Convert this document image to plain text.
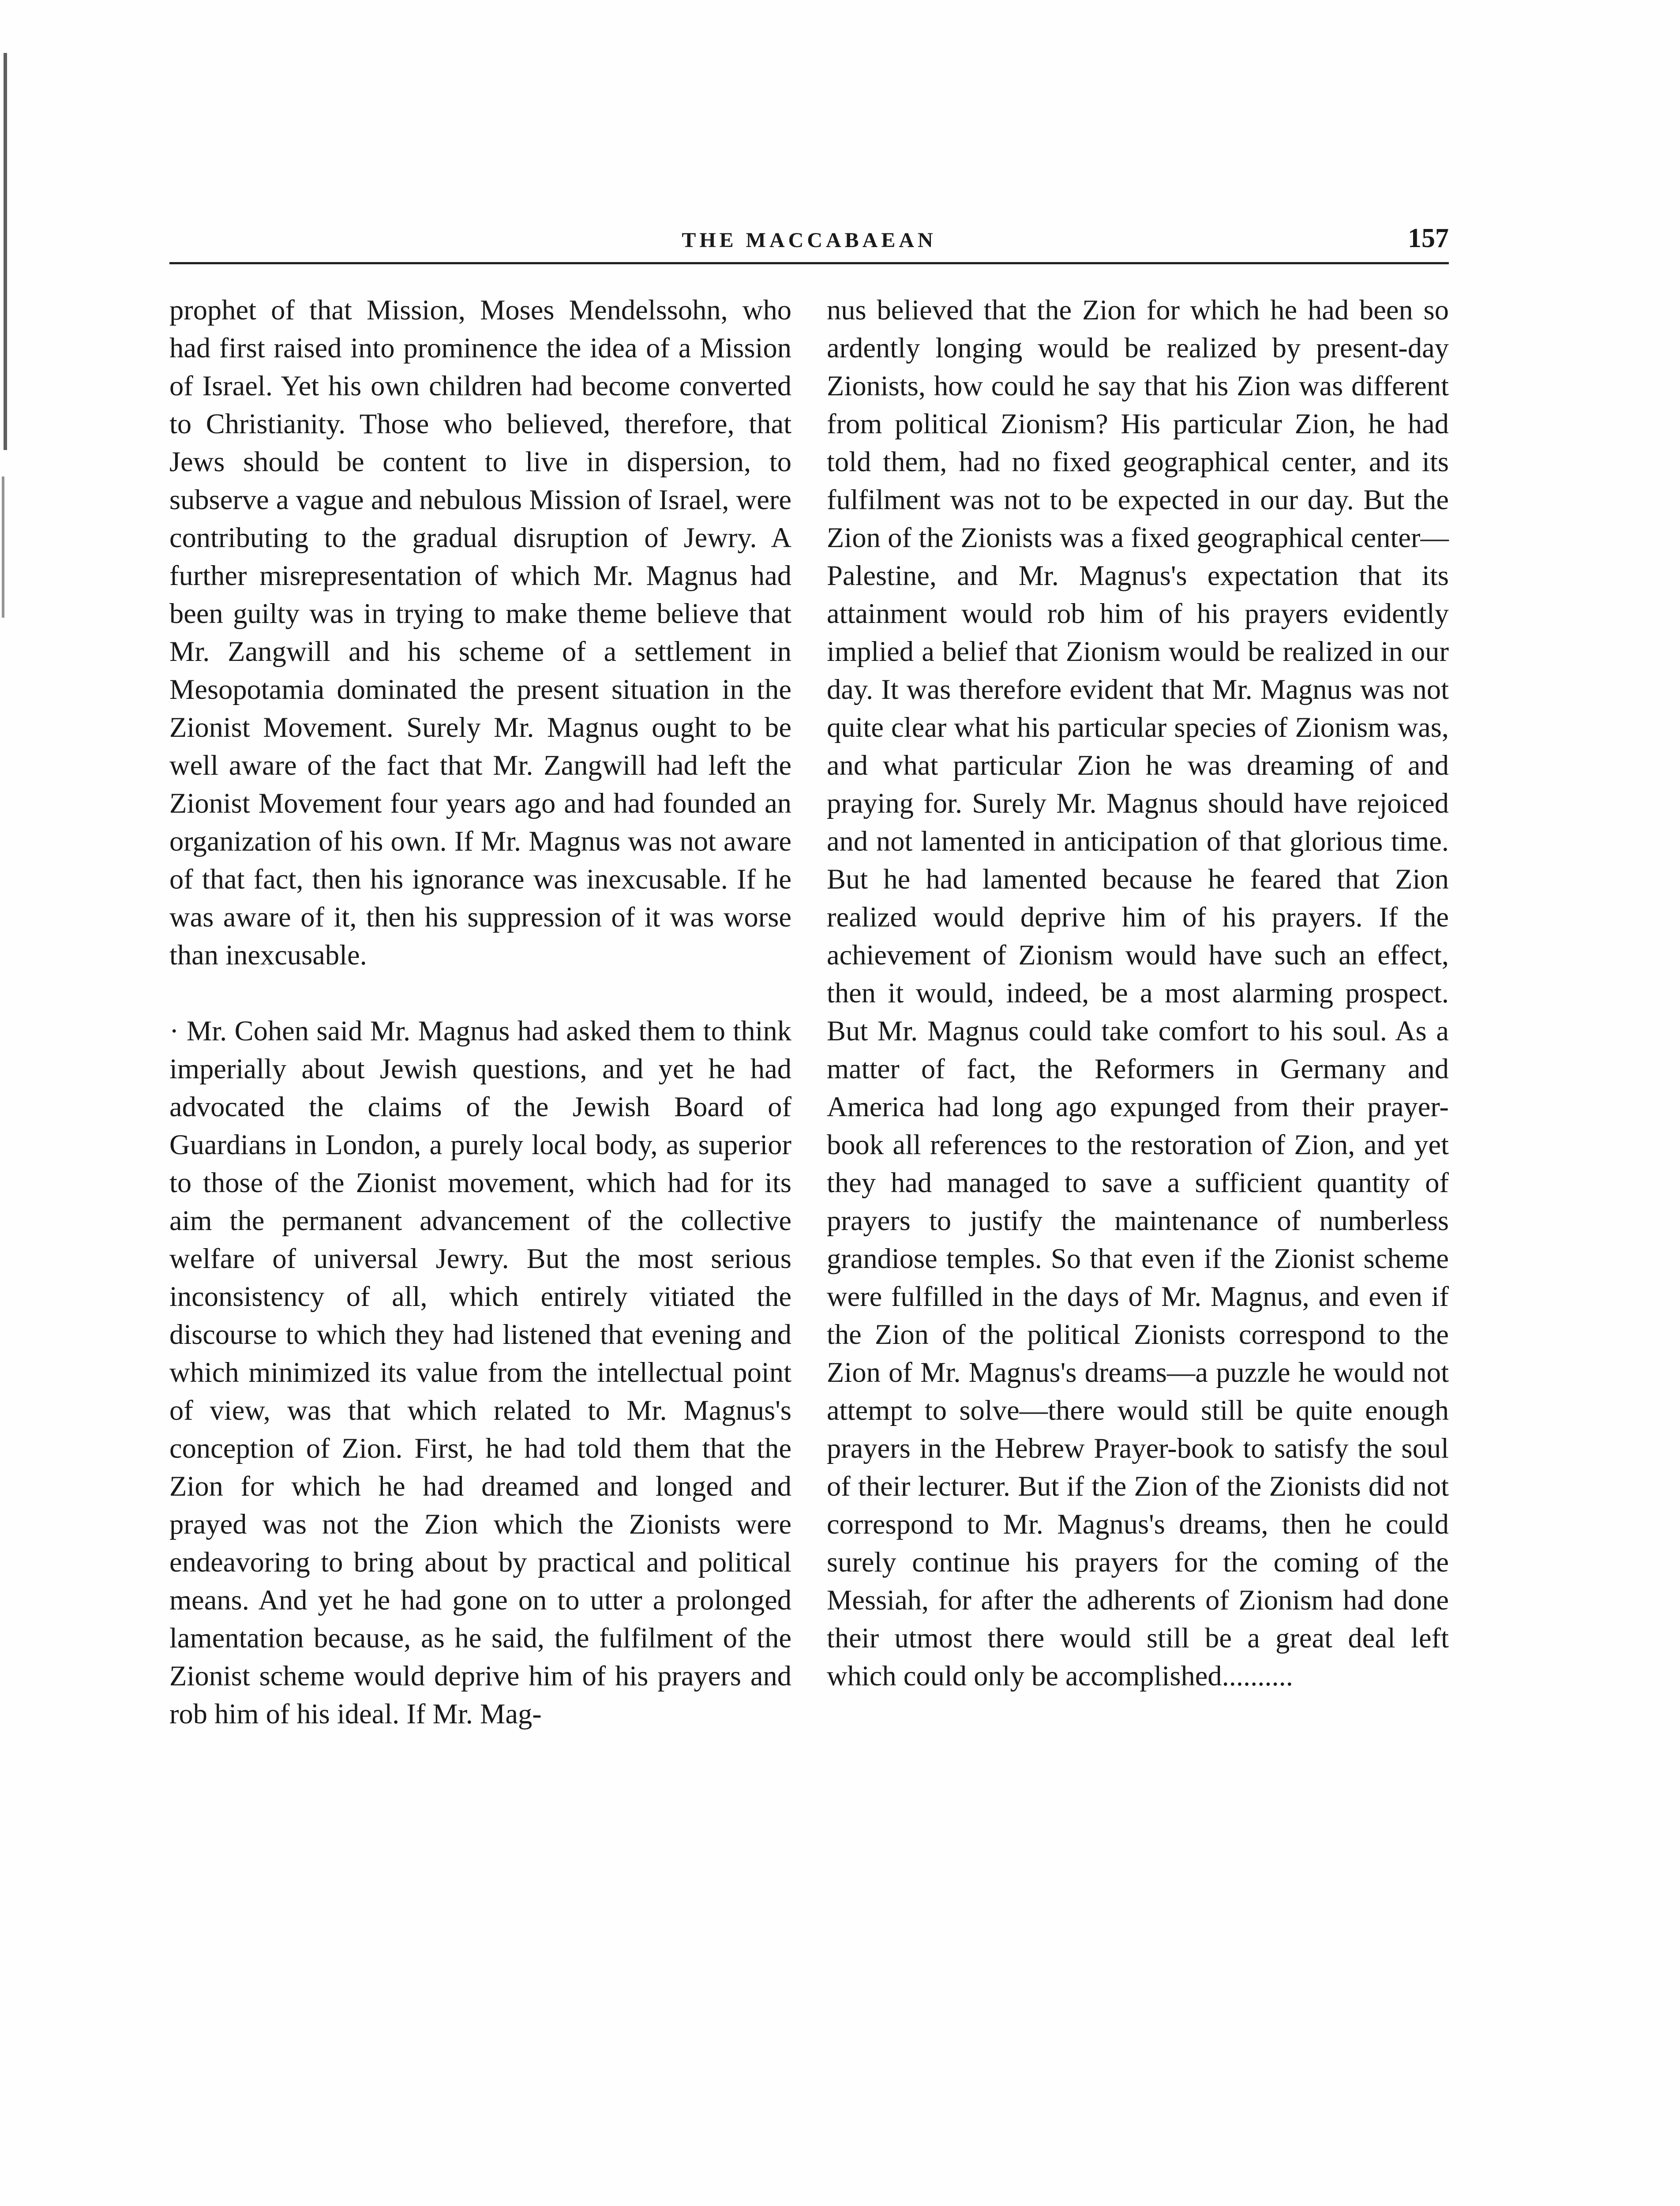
THE MACCABAEAN	157

prophet of that Mission, Moses Mendelssohn, who had first raised into prominence the idea of a Mission of Israel. Yet his own children had become converted to Christianity. Those who believed, therefore, that Jews should be content to live in dispersion, to subserve a vague and nebulous Mission of Israel, were contributing to the gradual disruption of Jewry. A further misrepresentation of which Mr. Magnus had been guilty was in trying to make theme believe that Mr. Zangwill and his scheme of a settlement in Mesopotamia dominated the present situation in the Zionist Movement. Surely Mr. Magnus ought to be well aware of the fact that Mr. Zangwill had left the Zionist Movement four years ago and had founded an organization of his own. If Mr. Magnus was not aware of that fact, then his ignorance was inexcusable. If he was aware of it, then his suppression of it was worse than inexcusable.

· Mr. Cohen said Mr. Magnus had asked them to think imperially about Jewish questions, and yet he had advocated the claims of the Jewish Board of Guardians in London, a purely local body, as superior to those of the Zionist movement, which had for its aim the permanent advancement of the collective welfare of universal Jewry. But the most serious inconsistency of all, which entirely vitiated the discourse to which they had listened that evening and which minimized its value from the intellectual point of view, was that which related to Mr. Magnus's conception of Zion. First, he had told them that the Zion for which he had dreamed and longed and prayed was not the Zion which the Zionists were endeavoring to bring about by practical and political means. And yet he had gone on to utter a prolonged lamentation because, as he said, the fulfilment of the Zionist scheme would deprive him of his prayers and rob him of his ideal. If Mr. Mag-

nus believed that the Zion for which he had been so ardently longing would be realized by present-day Zionists, how could he say that his Zion was different from political Zionism? His particular Zion, he had told them, had no fixed geographical center, and its fulfilment was not to be expected in our day. But the Zion of the Zionists was a fixed geographical center—Palestine, and Mr. Magnus's expectation that its attainment would rob him of his prayers evidently implied a belief that Zionism would be realized in our day. It was therefore evident that Mr. Magnus was not quite clear what his particular species of Zionism was, and what particular Zion he was dreaming of and praying for. Surely Mr. Magnus should have rejoiced and not lamented in anticipation of that glorious time. But he had lamented because he feared that Zion realized would deprive him of his prayers. If the achievement of Zionism would have such an effect, then it would, indeed, be a most alarming prospect. But Mr. Magnus could take comfort to his soul. As a matter of fact, the Reformers in Germany and America had long ago expunged from their prayer-book all references to the restoration of Zion, and yet they had managed to save a sufficient quantity of prayers to justify the maintenance of numberless grandiose temples. So that even if the Zionist scheme were fulfilled in the days of Mr. Magnus, and even if the Zion of the political Zionists correspond to the Zion of Mr. Magnus's dreams—a puzzle he would not attempt to solve—there would still be quite enough prayers in the Hebrew Prayer-book to satisfy the soul of their lecturer. But if the Zion of the Zionists did not correspond to Mr. Magnus's dreams, then he could surely continue his prayers for the coming of the Messiah, for after the adherents of Zionism had done their utmost there would still be a great deal left which could only be accomplished..........
